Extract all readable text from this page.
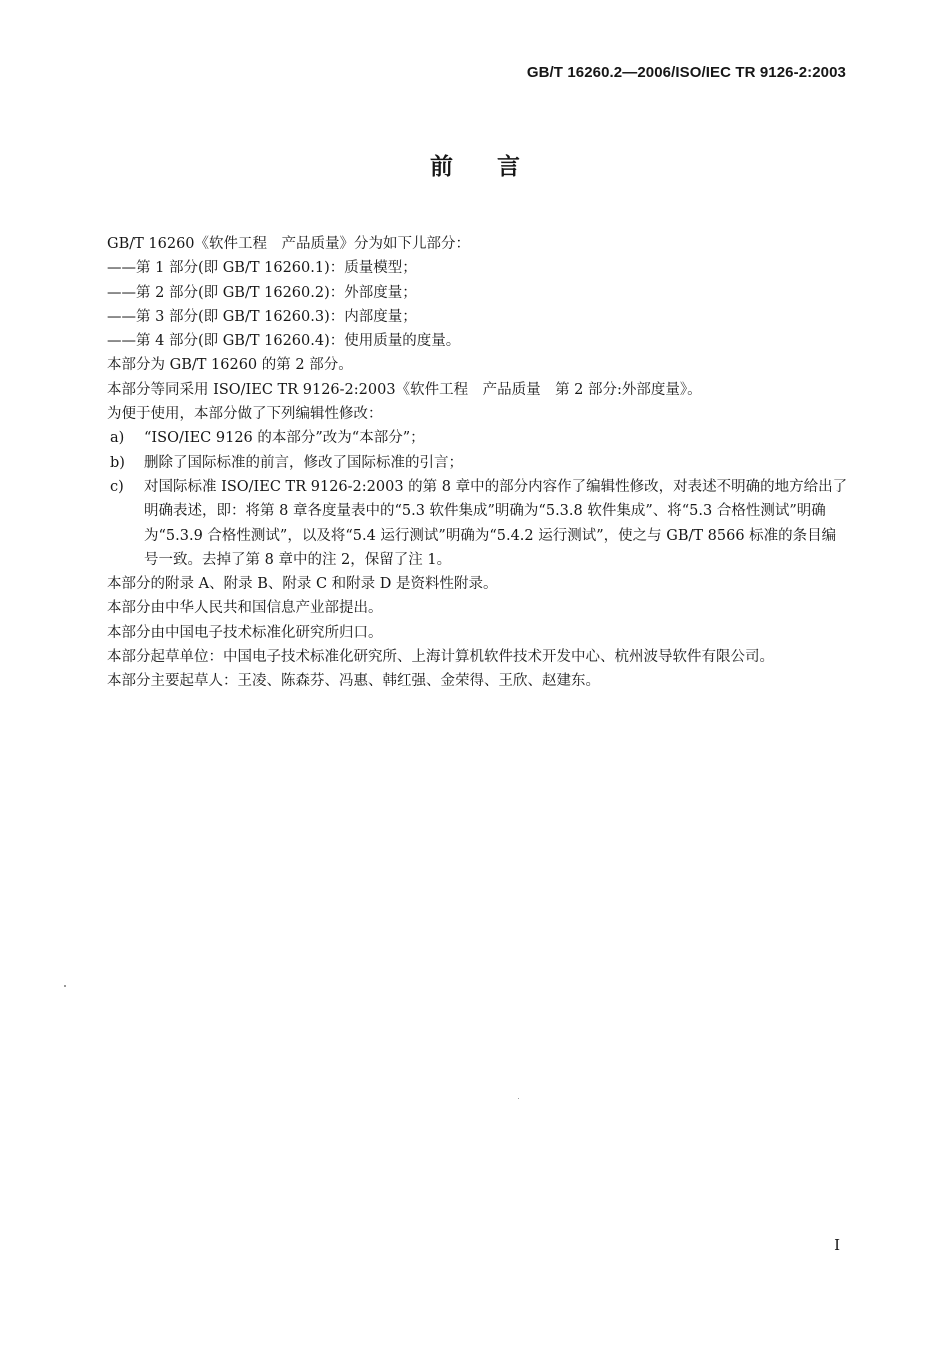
GB/T 16260.2—2006/ISO/IEC TR 9126-2:2003
前言

GB/T 16260《软件工程　产品质量》分为如下儿部分：

——第 1 部分(即 GB/T 16260.1)：质量模型；

——第 2 部分(即 GB/T 16260.2)：外部度量；

——第 3 部分(即 GB/T 16260.3)：内部度量；

——第 4 部分(即 GB/T 16260.4)：使用质量的度量。

本部分为 GB/T 16260 的第 2 部分。

本部分等同采用 ISO/IEC TR 9126-2:2003《软件工程　产品质量　第 2 部分:外部度量》。

为便于使用，本部分做了下列编辑性修改：

a)	“ISO/IEC 9126 的本部分”改为“本部分”；
b)	删除了国际标准的前言，修改了国际标准的引言；
c)	对国际标准 ISO/IEC TR 9126-2:2003 的第 8 章中的部分内容作了编辑性修改，对表述不明确的地方给出了明确表述，即：将第 8 章各度量表中的“5.3 软件集成”明确为“5.3.8 软件集成”、将“5.3 合格性测试”明确为“5.3.9 合格性测试”，以及将“5.4 运行测试”明确为“5.4.2 运行测试”，使之与 GB/T 8566 标准的条目编号一致。去掉了第 8 章中的注 2，保留了注 1。

本部分的附录 A、附录 B、附录 C 和附录 D 是资料性附录。

本部分由中华人民共和国信息产业部提出。

本部分由中国电子技术标准化研究所归口。

本部分起草单位：中国电子技术标准化研究所、上海计算机软件技术开发中心、杭州波导软件有限公司。

本部分主要起草人：王凌、陈森芬、冯惠、韩红强、金荣得、王欣、赵建东。

I
